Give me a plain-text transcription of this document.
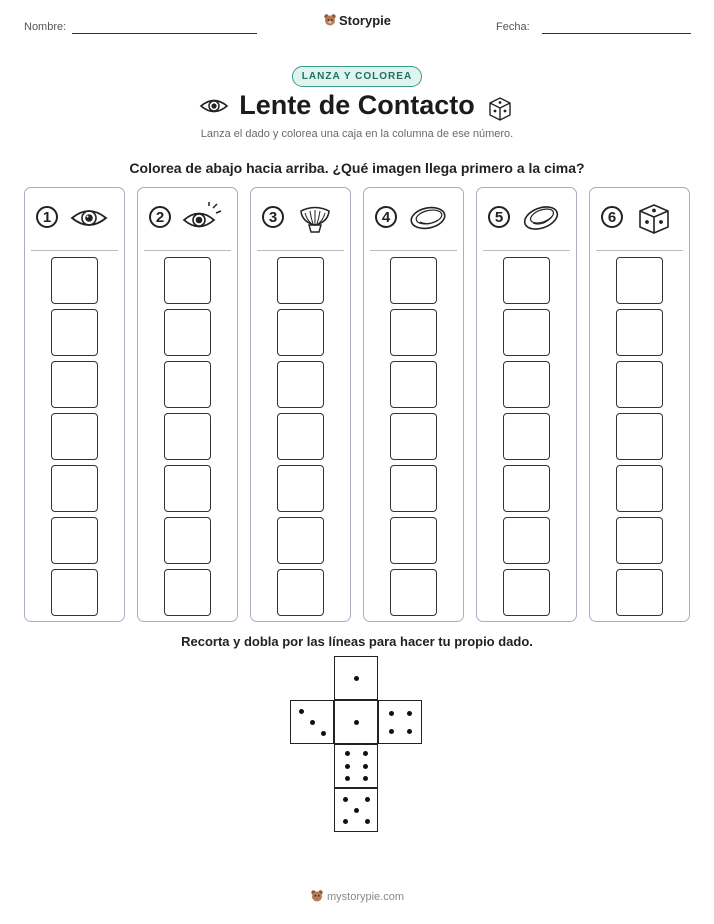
Nombre:	Storypie	Fecha:
LANZA Y COLOREA
Lente de Contacto
Lanza el dado y colorea una caja en la columna de ese número.
Colorea de abajo hacia arriba. ¿Qué imagen llega primero a la cima?
1	2	3	4	5	6
Recorta y dobla por las líneas para hacer tu propio dado.
mystorypie.com
